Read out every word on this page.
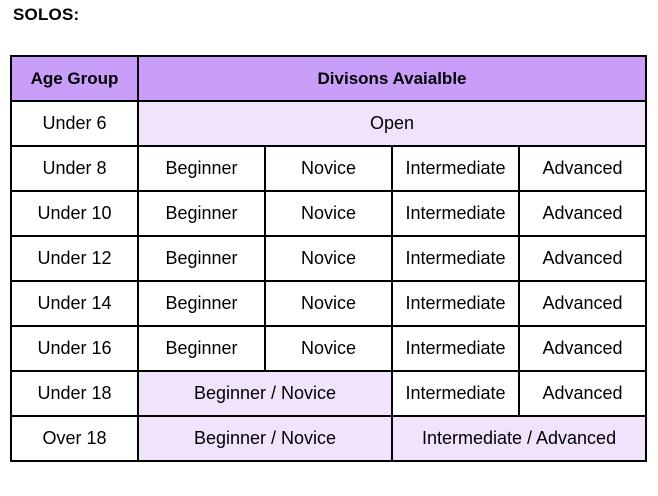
SOLOS:
Age Group	Divisons Avaialble			
Under 6	Open			
Under 8	Beginner	Novice	Intermediate	Advanced
Under 10	Beginner	Novice	Intermediate	Advanced
Under 12	Beginner	Novice	Intermediate	Advanced
Under 14	Beginner	Novice	Intermediate	Advanced
Under 16	Beginner	Novice	Intermediate	Advanced
Under 18	Beginner / Novice		Intermediate	Advanced
Over 18	Beginner / Novice		Intermediate / Advanced	
